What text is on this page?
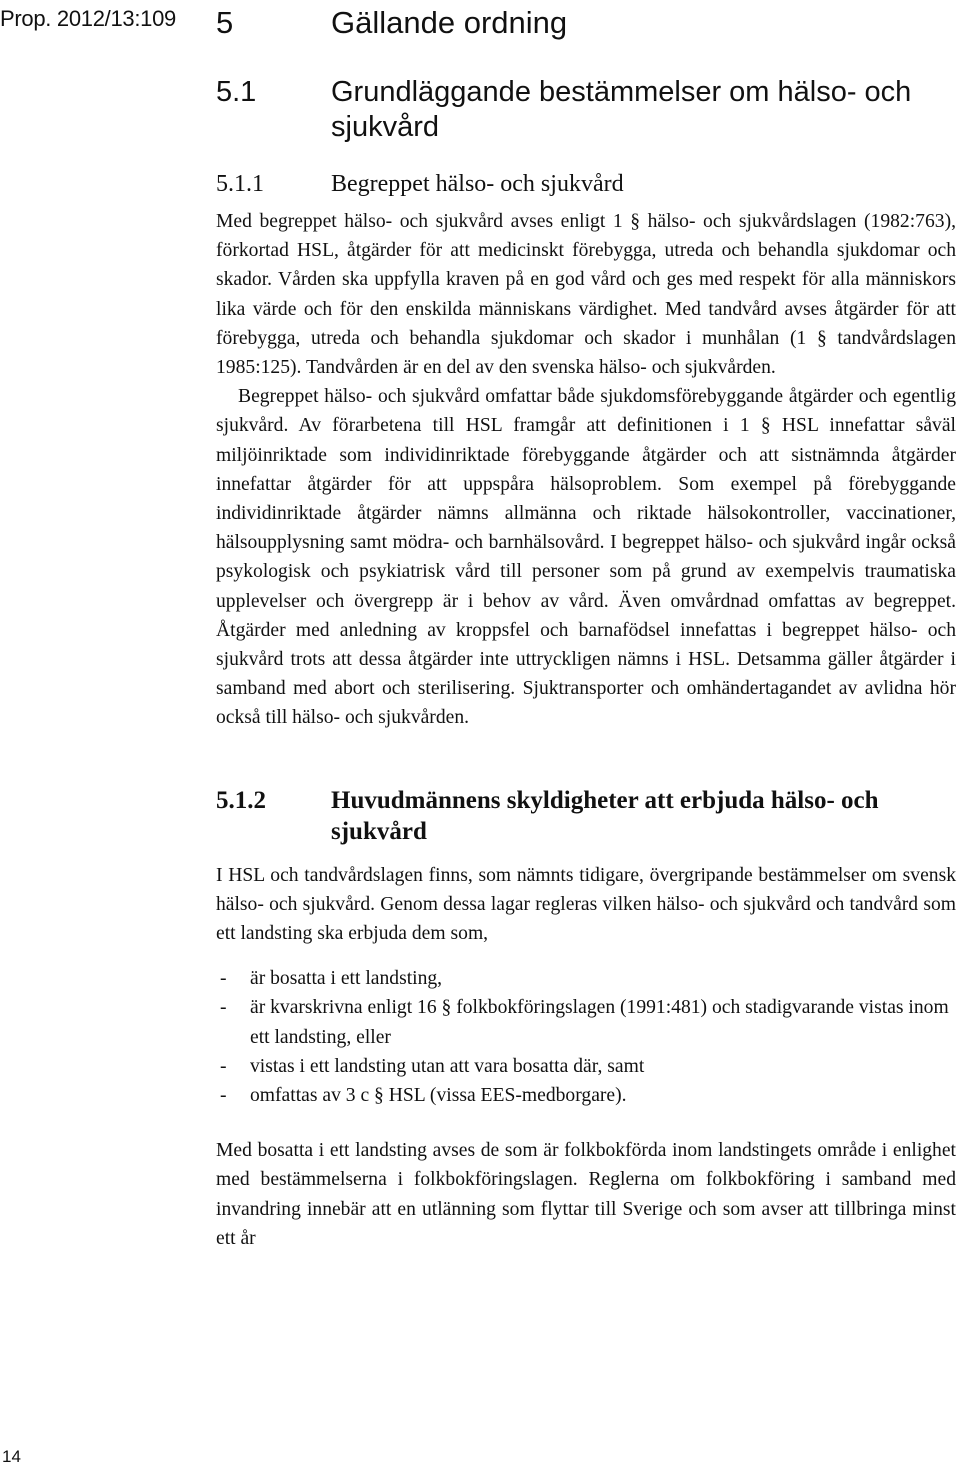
Prop. 2012/13:109	5	Gällande ordning
5.1	Grundläggande bestämmelser om hälso- och sjukvård
5.1.1	Begreppet hälso- och sjukvård

Med begreppet hälso- och sjukvård avses enligt 1 § hälso- och sjukvårdslagen (1982:763), förkortad HSL, åtgärder för att medicinskt förebygga, utreda och behandla sjukdomar och skador. Vården ska uppfylla kraven på en god vård och ges med respekt för alla människors lika värde och för den enskilda människans värdighet. Med tandvård avses åtgärder för att förebygga, utreda och behandla sjukdomar och skador i munhålan (1 § tandvårdslagen 1985:125). Tandvården är en del av den svenska hälso- och sjukvården.

Begreppet hälso- och sjukvård omfattar både sjukdomsförebyggande åtgärder och egentlig sjukvård. Av förarbetena till HSL framgår att definitionen i 1 § HSL innefattar såväl miljöinriktade som individinriktade förebyggande åtgärder och att sistnämnda åtgärder innefattar åtgärder för att uppspåra hälsoproblem. Som exempel på förebyggande individinriktade åtgärder nämns allmänna och riktade hälsokontroller, vaccinationer, hälsoupplysning samt mödra- och barnhälsovård. I begreppet hälso- och sjukvård ingår också psykologisk och psykiatrisk vård till personer som på grund av exempelvis traumatiska upplevelser och övergrepp är i behov av vård. Även omvårdnad omfattas av begreppet. Åtgärder med anledning av kroppsfel och barnafödsel innefattas i begreppet hälso- och sjukvård trots att dessa åtgärder inte uttryckligen nämns i HSL. Detsamma gäller åtgärder i samband med abort och sterilisering. Sjuktransporter och omhändertagandet av avlidna hör också till hälso- och sjukvården.

5.1.2	Huvudmännens skyldigheter att erbjuda hälso- och sjukvård

I HSL och tandvårdslagen finns, som nämnts tidigare, övergripande bestämmelser om svensk hälso- och sjukvård. Genom dessa lagar regleras vilken hälso- och sjukvård och tandvård som ett landsting ska erbjuda dem som,

- är bosatta i ett landsting,
- är kvarskrivna enligt 16 § folkbokföringslagen (1991:481) och stadigvarande vistas inom ett landsting, eller
- vistas i ett landsting utan att vara bosatta där, samt
- omfattas av 3 c § HSL (vissa EES-medborgare).

Med bosatta i ett landsting avses de som är folkbokförda inom landstingets område i enlighet med bestämmelserna i folkbokföringslagen. Reglerna om folkbokföring i samband med invandring innebär att en utlänning som flyttar till Sverige och som avser att tillbringa minst ett år

14
